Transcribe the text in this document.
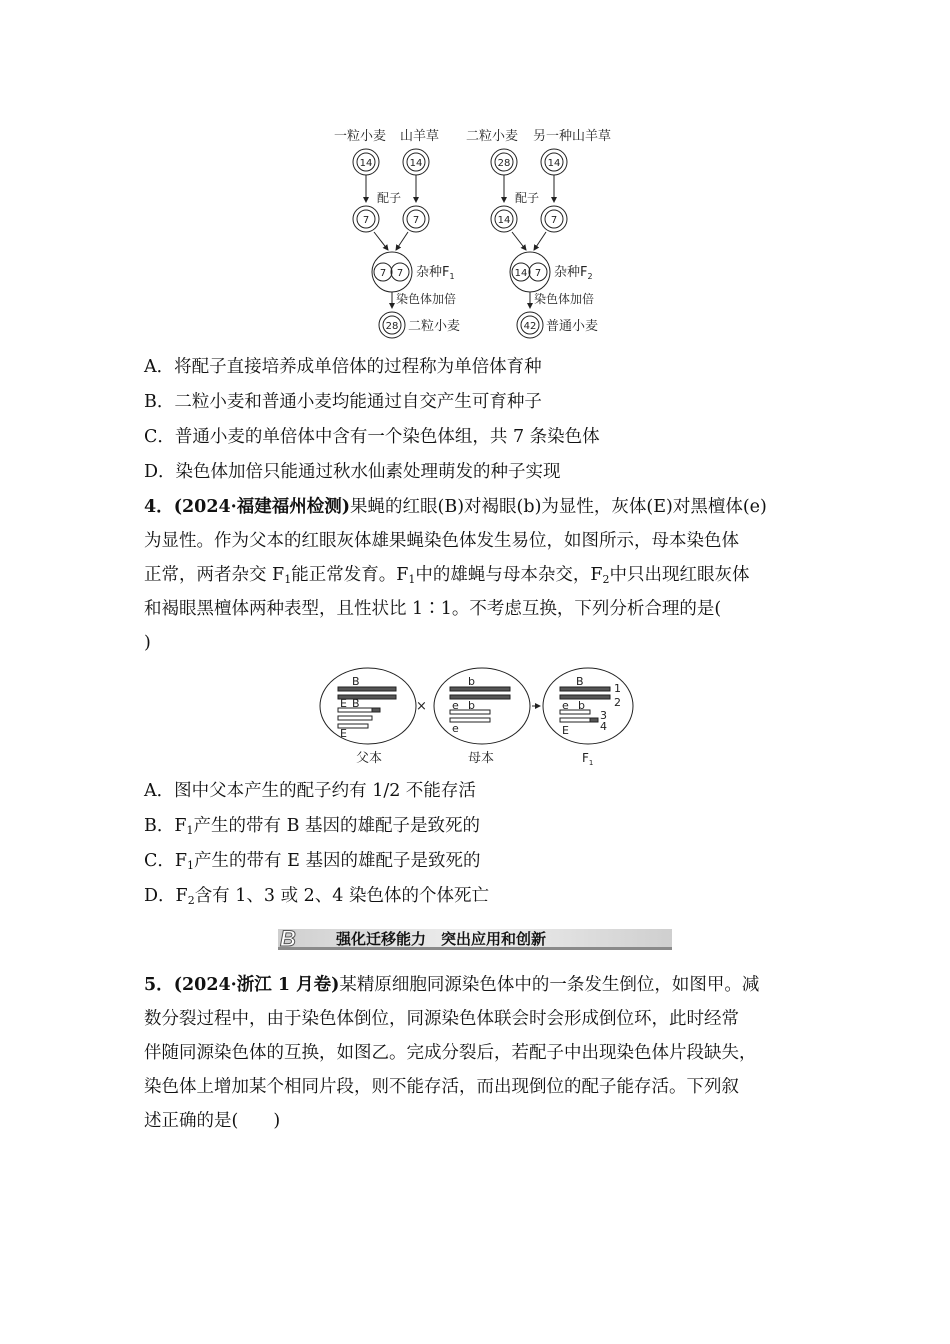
一粒小麦 山羊草
14	14
配子
7	7
7 7 杂种$F_1$
染色体加倍
28 二粒小麦
二粒小麦 另一种山羊草
28	14
配子
14	7
14 7 杂种$F_2$
染色体加倍
42 普通小麦
A．将配子直接培养成单倍体的过程称为单倍体育种
B．二粒小麦和普通小麦均能通过自交产生可育种子
C．普通小麦的单倍体中含有一个染色体组，共 7 条染色体
D．染色体加倍只能通过秋水仙素处理萌发的种子实现
4．(2024·福建福州检测)果蝇的红眼(B)对褐眼(b)为显性，灰体(E)对黑檀体(e)
为显性。作为父本的红眼灰体雄果蝇染色体发生易位，如图所示，母本染色体
正常，两者杂交 $F_1$能正常发育。$F_1$中的雄蝇与母本杂交，$F_2$中只出现红眼灰体
和褐眼黑檀体两种表型，且性状比 1∶1。不考虑互换，下列分析合理的是(
)
B
E B
E
b
e b
e
B
e b
E
1
2
3
4
×
父本	母本	$F_1$
A．图中父本产生的配子约有 1/2 不能存活
B．$F_1$产生的带有 B 基因的雄配子是致死的
C．$F_1$产生的带有 E 基因的雄配子是致死的
D．$F_2$含有 1、3 或 2、4 染色体的个体死亡
B	强化迁移能力　突出应用和创新
5．(2024·浙江 1 月卷)某精原细胞同源染色体中的一条发生倒位，如图甲。减
数分裂过程中，由于染色体倒位，同源染色体联会时会形成倒位环，此时经常
伴随同源染色体的互换，如图乙。完成分裂后，若配子中出现染色体片段缺失，
染色体上增加某个相同片段，则不能存活，而出现倒位的配子能存活。下列叙
述正确的是(　　)
